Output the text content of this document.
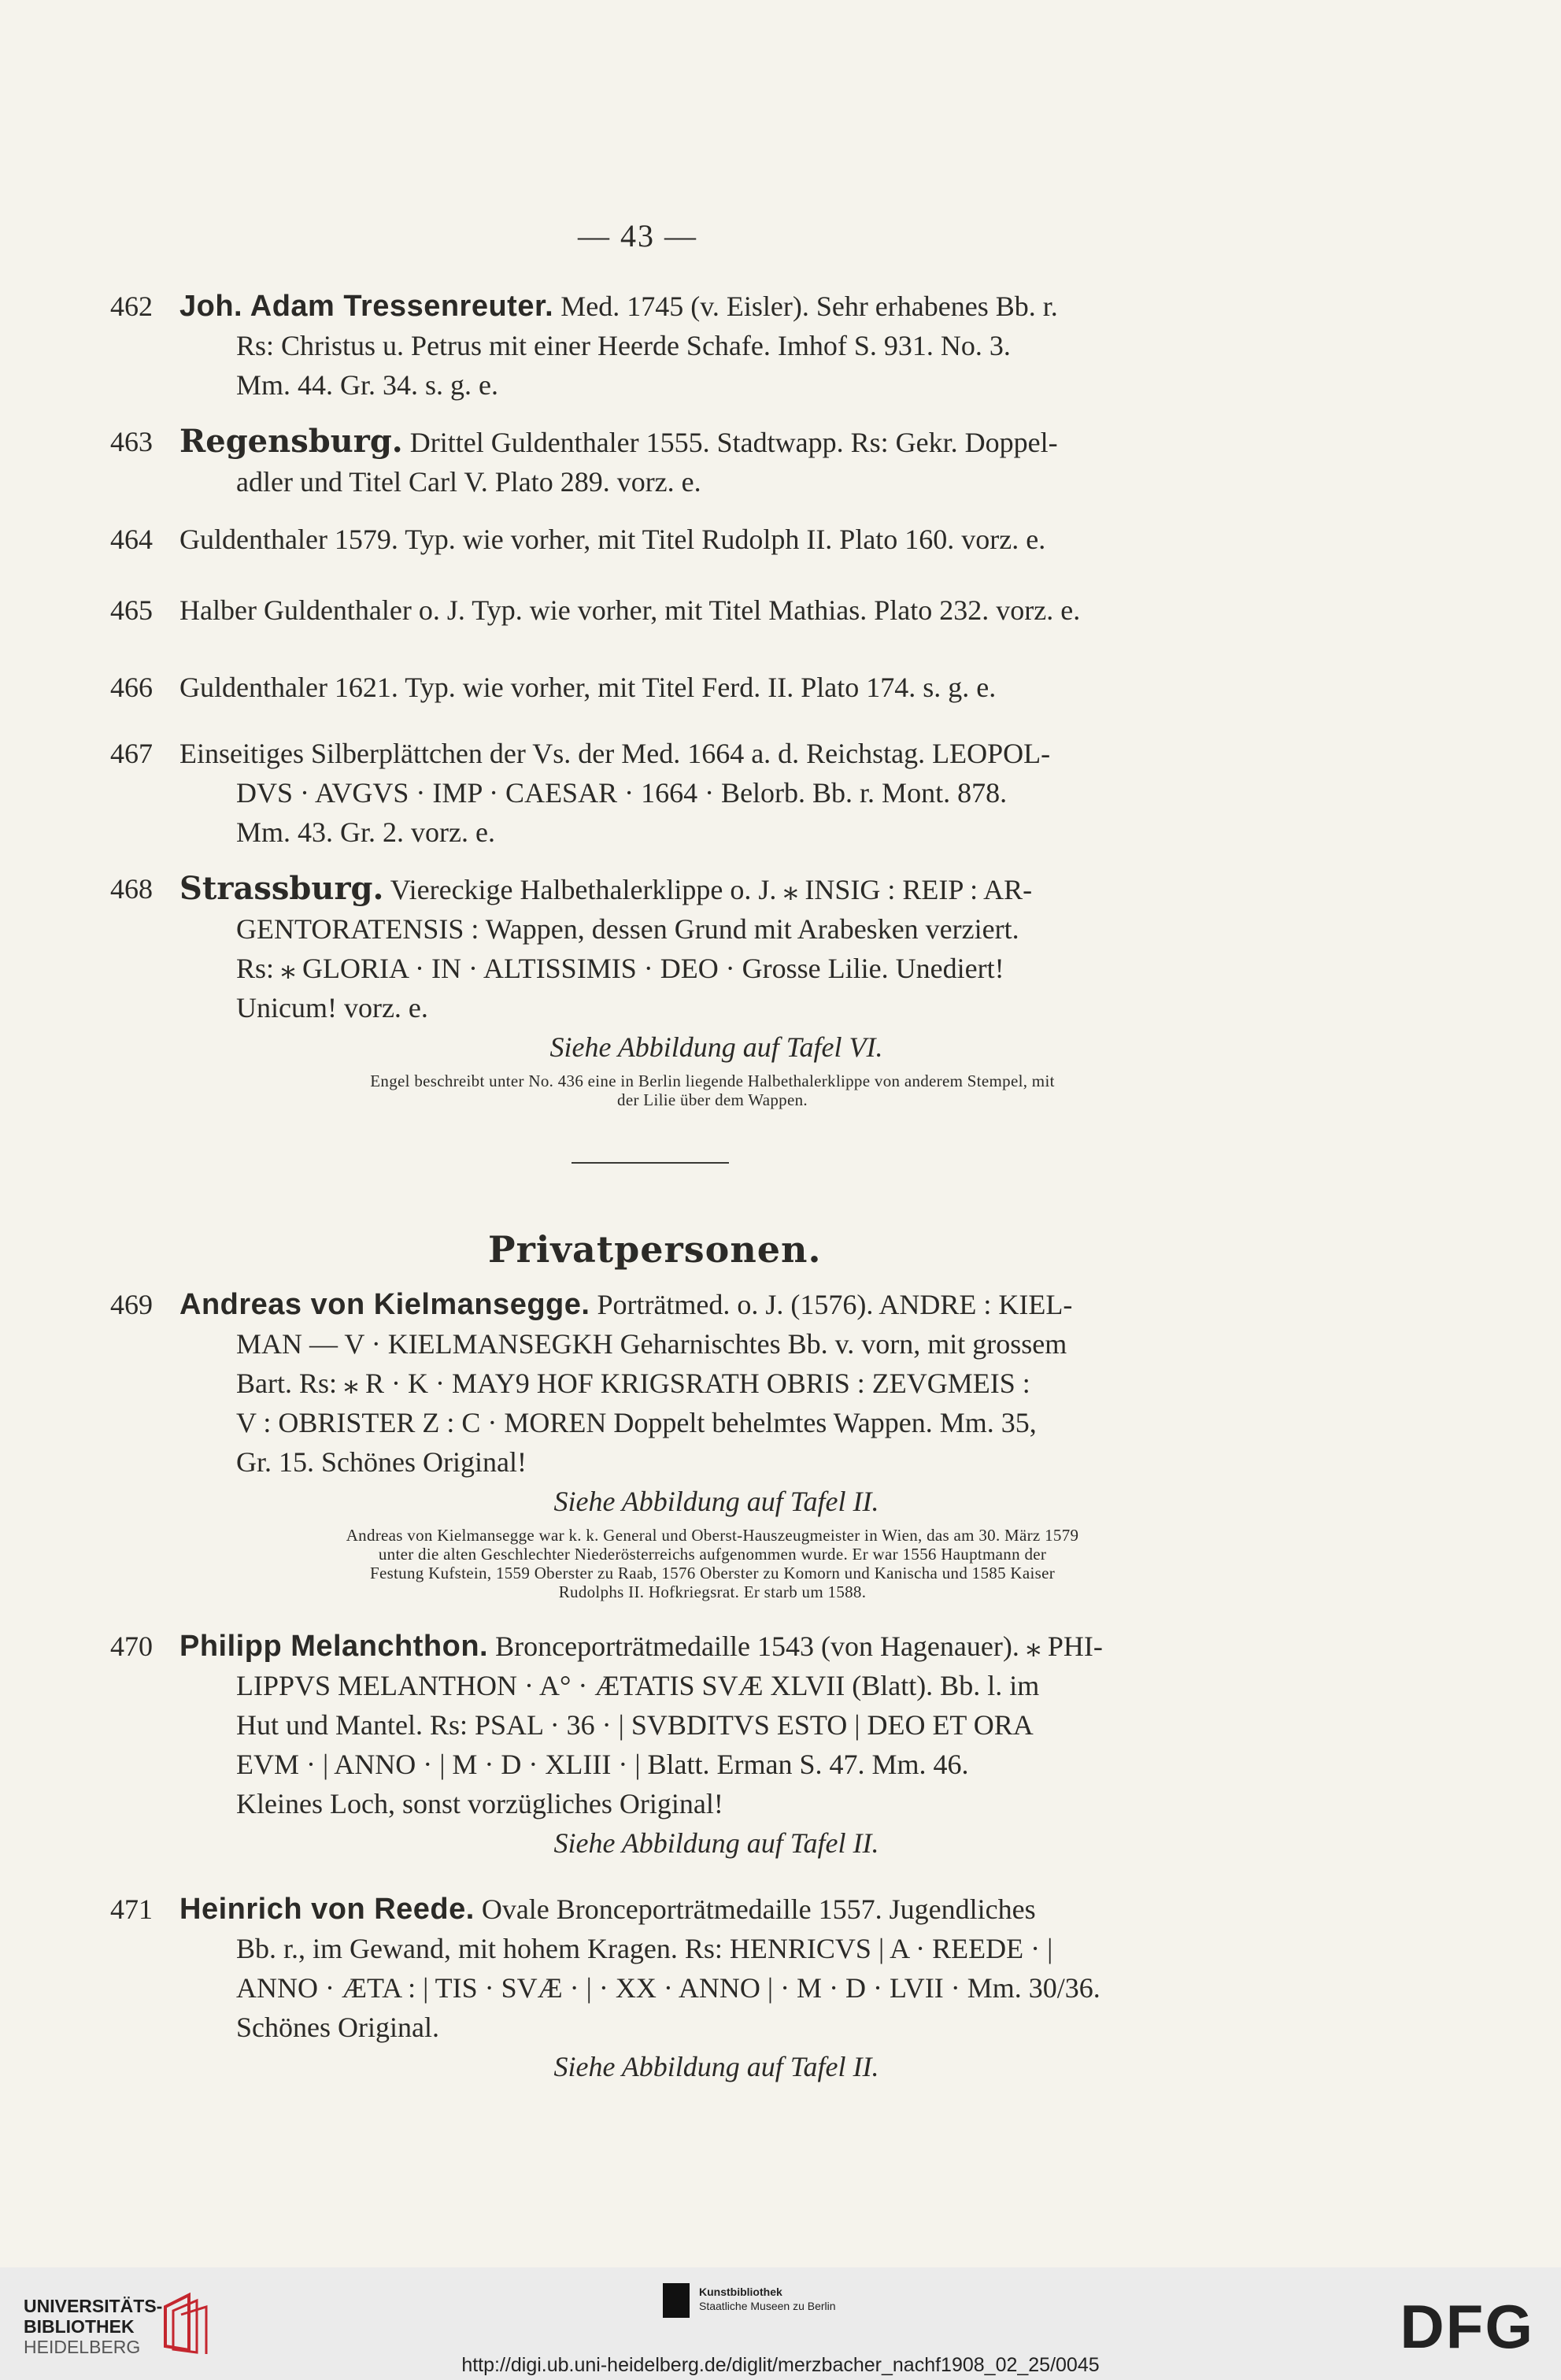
— 43 —
462 Joh. Adam Tressenreuter. Med. 1745 (v. Eisler). Sehr erhabenes Bb. r.
Rs: Christus u. Petrus mit einer Heerde Schafe. Imhof S. 931. No. 3.
Mm. 44. Gr. 34. s. g. e.
463 Regensburg. Drittel Guldenthaler 1555. Stadtwapp. Rs: Gekr. Doppel-
adler und Titel Carl V. Plato 289. vorz. e.
464 Guldenthaler 1579. Typ. wie vorher, mit Titel Rudolph II. Plato 160. vorz. e.
465 Halber Guldenthaler o. J. Typ. wie vorher, mit Titel Mathias. Plato 232. vorz. e.
466 Guldenthaler 1621. Typ. wie vorher, mit Titel Ferd. II. Plato 174. s. g. e.
467 Einseitiges Silberplättchen der Vs. der Med. 1664 a. d. Reichstag. LEOPOL-
DVS · AVGVS · IMP · CAESAR · 1664 · Belorb. Bb. r. Mont. 878.
Mm. 43. Gr. 2. vorz. e.
468 Strassburg. Viereckige Halbethalerklippe o. J. ⁎ INSIG : REIP : AR-
GENTORATENSIS : Wappen, dessen Grund mit Arabesken verziert.
Rs: ⁎ GLORIA · IN · ALTISSIMIS · DEO · Grosse Lilie. Unediert!
Unicum! vorz. e.
Siehe Abbildung auf Tafel VI.
Engel beschreibt unter No. 436 eine in Berlin liegende Halbethalerklippe von anderem Stempel, mit
der Lilie über dem Wappen.
Privatpersonen.
469 Andreas von Kielmansegge. Porträtmed. o. J. (1576). ANDRE : KIEL-
MAN — V · KIELMANSEGKH Geharnischtes Bb. v. vorn, mit grossem
Bart. Rs: ⁎ R · K · MAY9 HOF KRIGSRATH OBRIS : ZEVGMEIS :
V : OBRISTER Z : C · MOREN Doppelt behelmtes Wappen. Mm. 35,
Gr. 15. Schönes Original!
Siehe Abbildung auf Tafel II.
Andreas von Kielmansegge war k. k. General und Oberst-Hauszeugmeister in Wien, das am 30. März 1579
unter die alten Geschlechter Niederösterreichs aufgenommen wurde. Er war 1556 Hauptmann der
Festung Kufstein, 1559 Oberster zu Raab, 1576 Oberster zu Komorn und Kanischa und 1585 Kaiser
Rudolphs II. Hofkriegsrat. Er starb um 1588.
470 Philipp Melanchthon. Bronceporträtmedaille 1543 (von Hagenauer). ⁎ PHI-
LIPPVS MELANTHON · A° · ÆTATIS SVÆ XLVII (Blatt). Bb. l. im
Hut und Mantel. Rs: PSAL · 36 · | SVBDITVS ESTO | DEO ET ORA
EVM · | ANNO · | M · D · XLIII · | Blatt. Erman S. 47. Mm. 46.
Kleines Loch, sonst vorzügliches Original!
Siehe Abbildung auf Tafel II.
471 Heinrich von Reede. Ovale Bronceporträtmedaille 1557. Jugendliches
Bb. r., im Gewand, mit hohem Kragen. Rs: HENRICVS | A · REEDE · |
ANNO · ÆTA : | TIS · SVÆ · | · XX · ANNO | · M · D · LVII · Mm. 30/36.
Schönes Original.
Siehe Abbildung auf Tafel II.
UNIVERSITÄTS-
BIBLIOTHEK
HEIDELBERG
Kunstbibliothek
Staatliche Museen zu Berlin
http://digi.ub.uni-heidelberg.de/diglit/merzbacher_nachf1908_02_25/0045
DFG
